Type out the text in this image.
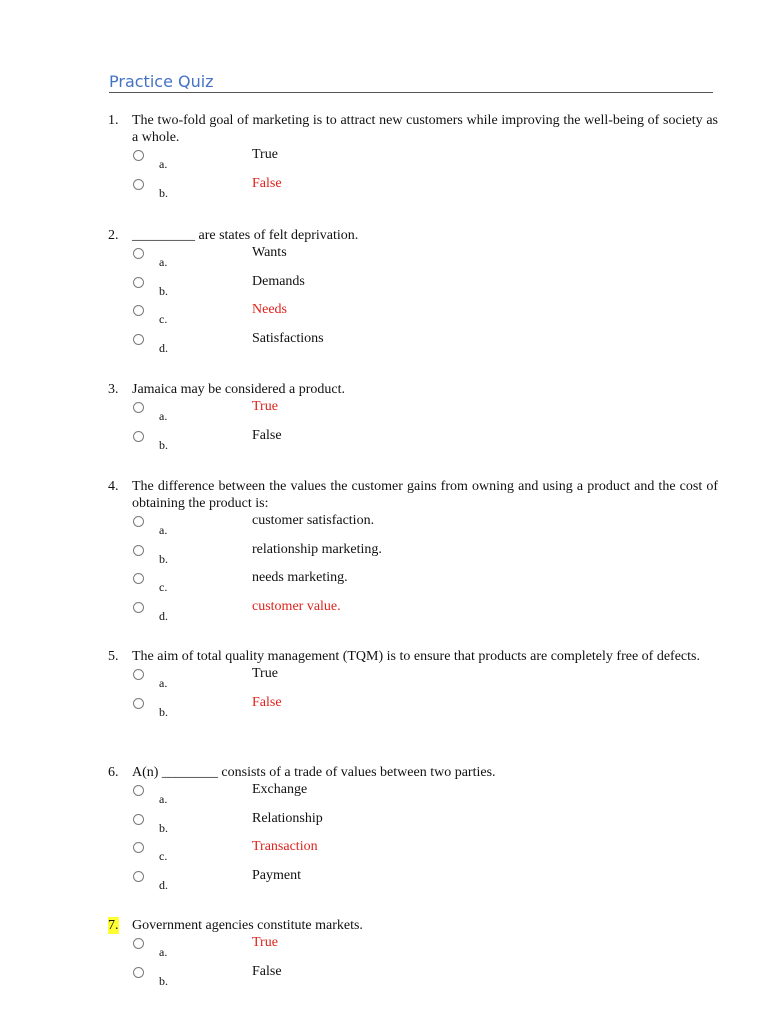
Practice Quiz
1. The two-fold goal of marketing is to attract new customers while improving the well-being of society as a whole.
a.
True
b.
False
2. _________ are states of felt deprivation.
a.
Wants
b.
Demands
c.
Needs
d.
Satisfactions
3. Jamaica may be considered a product.
a.
True
b.
False
4. The difference between the values the customer gains from owning and using a product and the cost of obtaining the product is:
a.
customer satisfaction.
b.
relationship marketing.
c.
needs marketing.
d.
customer value.
5. The aim of total quality management (TQM) is to ensure that products are completely free of defects.
a.
True
b.
False
6. A(n) ________ consists of a trade of values between two parties.
a.
Exchange
b.
Relationship
c.
Transaction
d.
Payment
7. Government agencies constitute markets.
a.
True
b.
False
